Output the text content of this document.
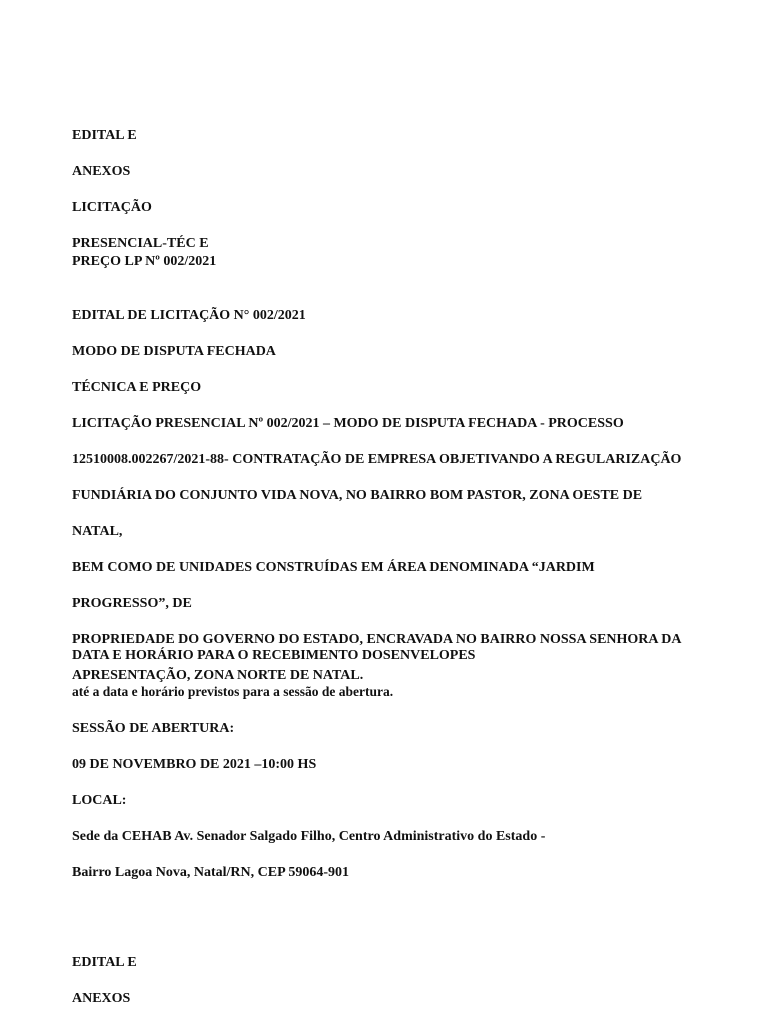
EDITAL E

ANEXOS

LICITAÇÃO

PRESENCIAL-TÉC E

PREÇO LP Nº 002/2021

EDITAL DE LICITAÇÃO N° 002/2021

MODO DE DISPUTA FECHADA

TÉCNICA E PREÇO

LICITAÇÃO PRESENCIAL Nº 002/2021 – MODO DE DISPUTA FECHADA - PROCESSO

12510008.002267/2021-88- CONTRATAÇÃO DE EMPRESA OBJETIVANDO A REGULARIZAÇÃO

FUNDIÁRIA DO CONJUNTO VIDA NOVA, NO BAIRRO BOM PASTOR, ZONA OESTE DE

NATAL,

BEM COMO DE UNIDADES CONSTRUÍDAS EM ÁREA DENOMINADA “JARDIM

PROGRESSO”, DE

PROPRIEDADE DO GOVERNO DO ESTADO, ENCRAVADA NO BAIRRO NOSSA SENHORA DA

APRESENTAÇÃO, ZONA NORTE DE NATAL.

DATA E HORÁRIO PARA O RECEBIMENTO DOSENVELOPES

até a data e horário previstos para a sessão de abertura.

SESSÃO DE ABERTURA:

09 DE NOVEMBRO DE 2021 –10:00 HS

LOCAL:

Sede da CEHAB Av. Senador Salgado Filho, Centro Administrativo do Estado -

Bairro Lagoa Nova, Natal/RN, CEP 59064-901

EDITAL E

ANEXOS
